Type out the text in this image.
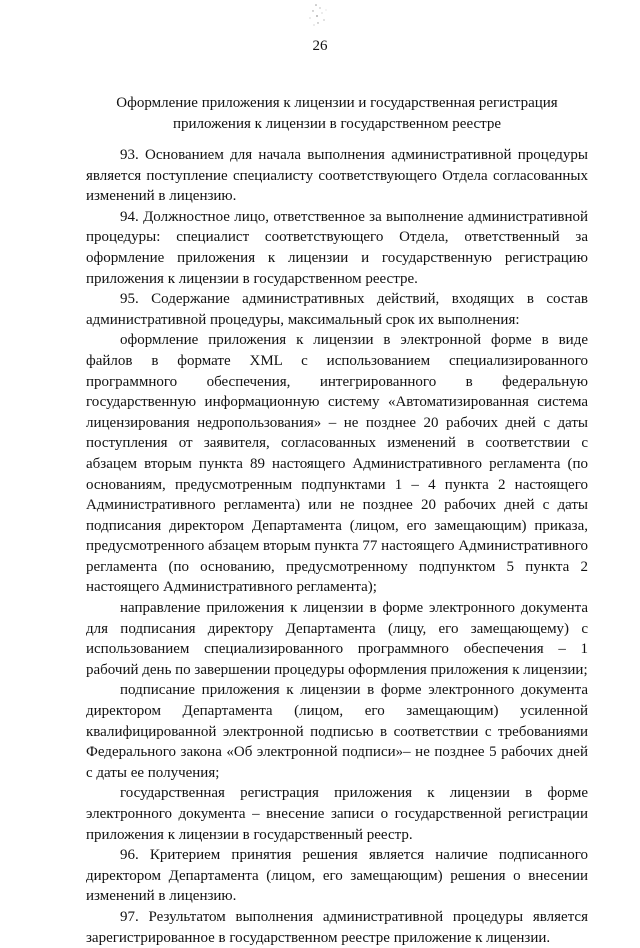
26
Оформление приложения к лицензии и государственная регистрация
приложения к лицензии в государственном реестре

93. Основанием для начала выполнения административной процедуры является поступление специалисту соответствующего Отдела согласованных изменений в лицензию.

94. Должностное лицо, ответственное за выполнение административной процедуры: специалист соответствующего Отдела, ответственный за оформление приложения к лицензии и государственную регистрацию приложения к лицензии в государственном реестре.

95. Содержание административных действий, входящих в состав административной процедуры, максимальный срок их выполнения:

оформление приложения к лицензии в электронной форме в виде файлов в формате XML с использованием специализированного программного обеспечения, интегрированного в федеральную государственную информационную систему «Автоматизированная система лицензирования недропользования» – не позднее 20 рабочих дней с даты поступления от заявителя, согласованных изменений в соответствии с абзацем вторым пункта 89 настоящего Административного регламента (по основаниям, предусмотренным подпунктами 1 – 4 пункта 2 настоящего Административного регламента) или не позднее 20 рабочих дней с даты подписания директором Департамента (лицом, его замещающим) приказа, предусмотренного абзацем вторым пункта 77 настоящего Административного регламента (по основанию, предусмотренному подпунктом 5 пункта 2 настоящего Административного регламента);

направление приложения к лицензии в форме электронного документа для подписания директору Департамента (лицу, его замещающему) с использованием специализированного программного обеспечения – 1 рабочий день по завершении процедуры оформления приложения к лицензии;

подписание приложения к лицензии в форме электронного документа директором Департамента (лицом, его замещающим) усиленной квалифицированной электронной подписью в соответствии с требованиями Федерального закона «Об электронной подписи»– не позднее 5 рабочих дней с даты ее получения;

государственная регистрация приложения к лицензии в форме электронного документа – внесение записи о государственной регистрации приложения к лицензии в государственный реестр.

96. Критерием принятия решения является наличие подписанного директором Департамента (лицом, его замещающим) решения о внесении изменений в лицензию.

97. Результатом выполнения административной процедуры является зарегистрированное в государственном реестре приложение к лицензии.
